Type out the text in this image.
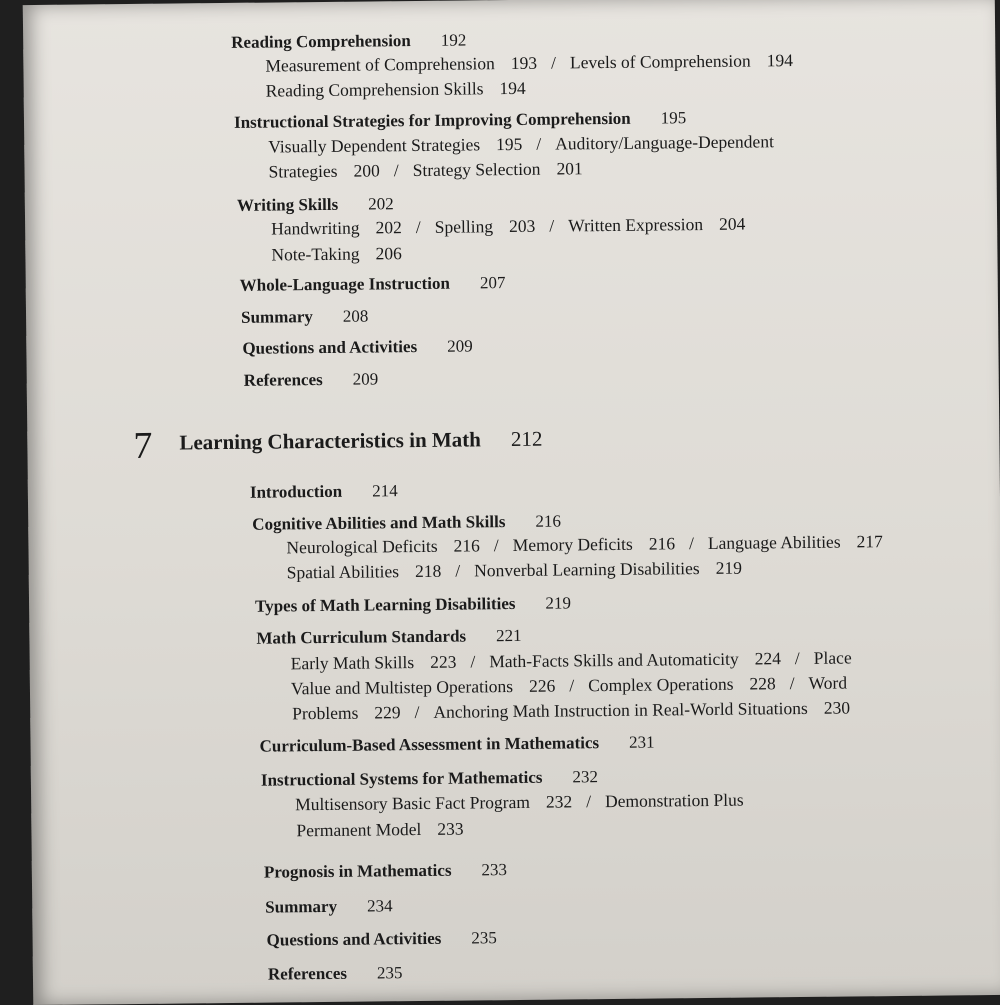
Reading Comprehension 192
Measurement of Comprehension 193 / Levels of Comprehension 194
Reading Comprehension Skills 194
Instructional Strategies for Improving Comprehension 195
Visually Dependent Strategies 195 / Auditory/Language-Dependent
Strategies 200 / Strategy Selection 201
Writing Skills 202
Handwriting 202 / Spelling 203 / Written Expression 204
Note-Taking 206
Whole-Language Instruction 207
Summary 208
Questions and Activities 209
References 209
7 Learning Characteristics in Math 212
Introduction 214
Cognitive Abilities and Math Skills 216
Neurological Deficits 216 / Memory Deficits 216 / Language Abilities 217
Spatial Abilities 218 / Nonverbal Learning Disabilities 219
Types of Math Learning Disabilities 219
Math Curriculum Standards 221
Early Math Skills 223 / Math-Facts Skills and Automaticity 224 / Place
Value and Multistep Operations 226 / Complex Operations 228 / Word
Problems 229 / Anchoring Math Instruction in Real-World Situations 230
Curriculum-Based Assessment in Mathematics 231
Instructional Systems for Mathematics 232
Multisensory Basic Fact Program 232 / Demonstration Plus
Permanent Model 233
Prognosis in Mathematics 233
Summary 234
Questions and Activities 235
References 235
